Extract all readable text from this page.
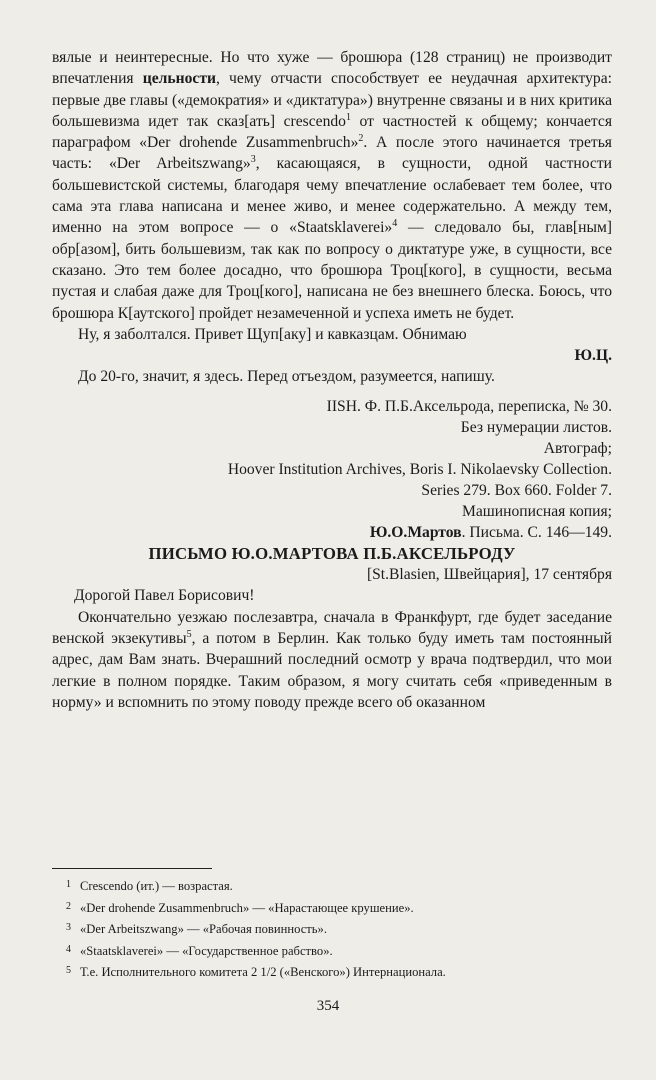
вялые и неинтересные. Но что хуже — брошюра (128 страниц) не производит впечатления цельности, чему отчасти способствует ее неудачная архитектура: первые две главы («демократия» и «диктатура») внутренне связаны и в них критика большевизма идет так сказ[ать] crescendo$^1$ от частностей к общему; кончается параграфом «Der drohende Zusammenbruch»$^2$. А после этого начинается третья часть: «Der Arbeitszwang»$^3$, касающаяся, в сущности, одной частности большевистской системы, благодаря чему впечатление ослабевает тем более, что сама эта глава написана и менее живо, и менее содержательно. А между тем, именно на этом вопросе — о «Staatsklaverei»$^4$ — следовало бы, глав[ным] обр[азом], бить большевизм, так как по вопросу о диктатуре уже, в сущности, все сказано. Это тем более досадно, что брошюра Троц[кого], в сущности, весьма пустая и слабая даже для Троц[кого], написана не без внешнего блеска. Боюсь, что брошюра К[аутского] пройдет незамеченной и успеха иметь не будет.

Ну, я заболтался. Привет Щуп[аку] и кавказцам. Обнимаю

Ю.Ц.

До 20-го, значит, я здесь. Перед отъездом, разумеется, напишу.

IISH. Ф. П.Б.Аксельрода, переписка, № 30.

Без нумерации листов.

Автограф;

Hoover Institution Archives, Boris I. Nikolaevsky Collection.

Series 279. Box 660. Folder 7.

Машинописная копия;

Ю.О.Мартов. Письма. С. 146—149.

ПИСЬМО Ю.О.МАРТОВА П.Б.АКСЕЛЬРОДУ

[St.Blasien, Швейцария], 17 сентября

Дорогой Павел Борисович!

Окончательно уезжаю послезавтра, сначала в Франкфурт, где будет заседание венской экзекутивы$^5$, а потом в Берлин. Как только буду иметь там постоянный адрес, дам Вам знать. Вчерашний последний осмотр у врача подтвердил, что мои легкие в полном порядке. Таким образом, я могу считать себя «приведенным в норму» и вспомнить по этому поводу прежде всего об оказанном

1 Crescendo (ит.) — возрастая.
2 «Der drohende Zusammenbruch» — «Нарастающее крушение».
3 «Der Arbeitszwang» — «Рабочая повинность».
4 «Staatsklaverei» — «Государственное рабство».
5 Т.е. Исполнительного комитета 2 1/2 («Венского») Интернационала.
354
